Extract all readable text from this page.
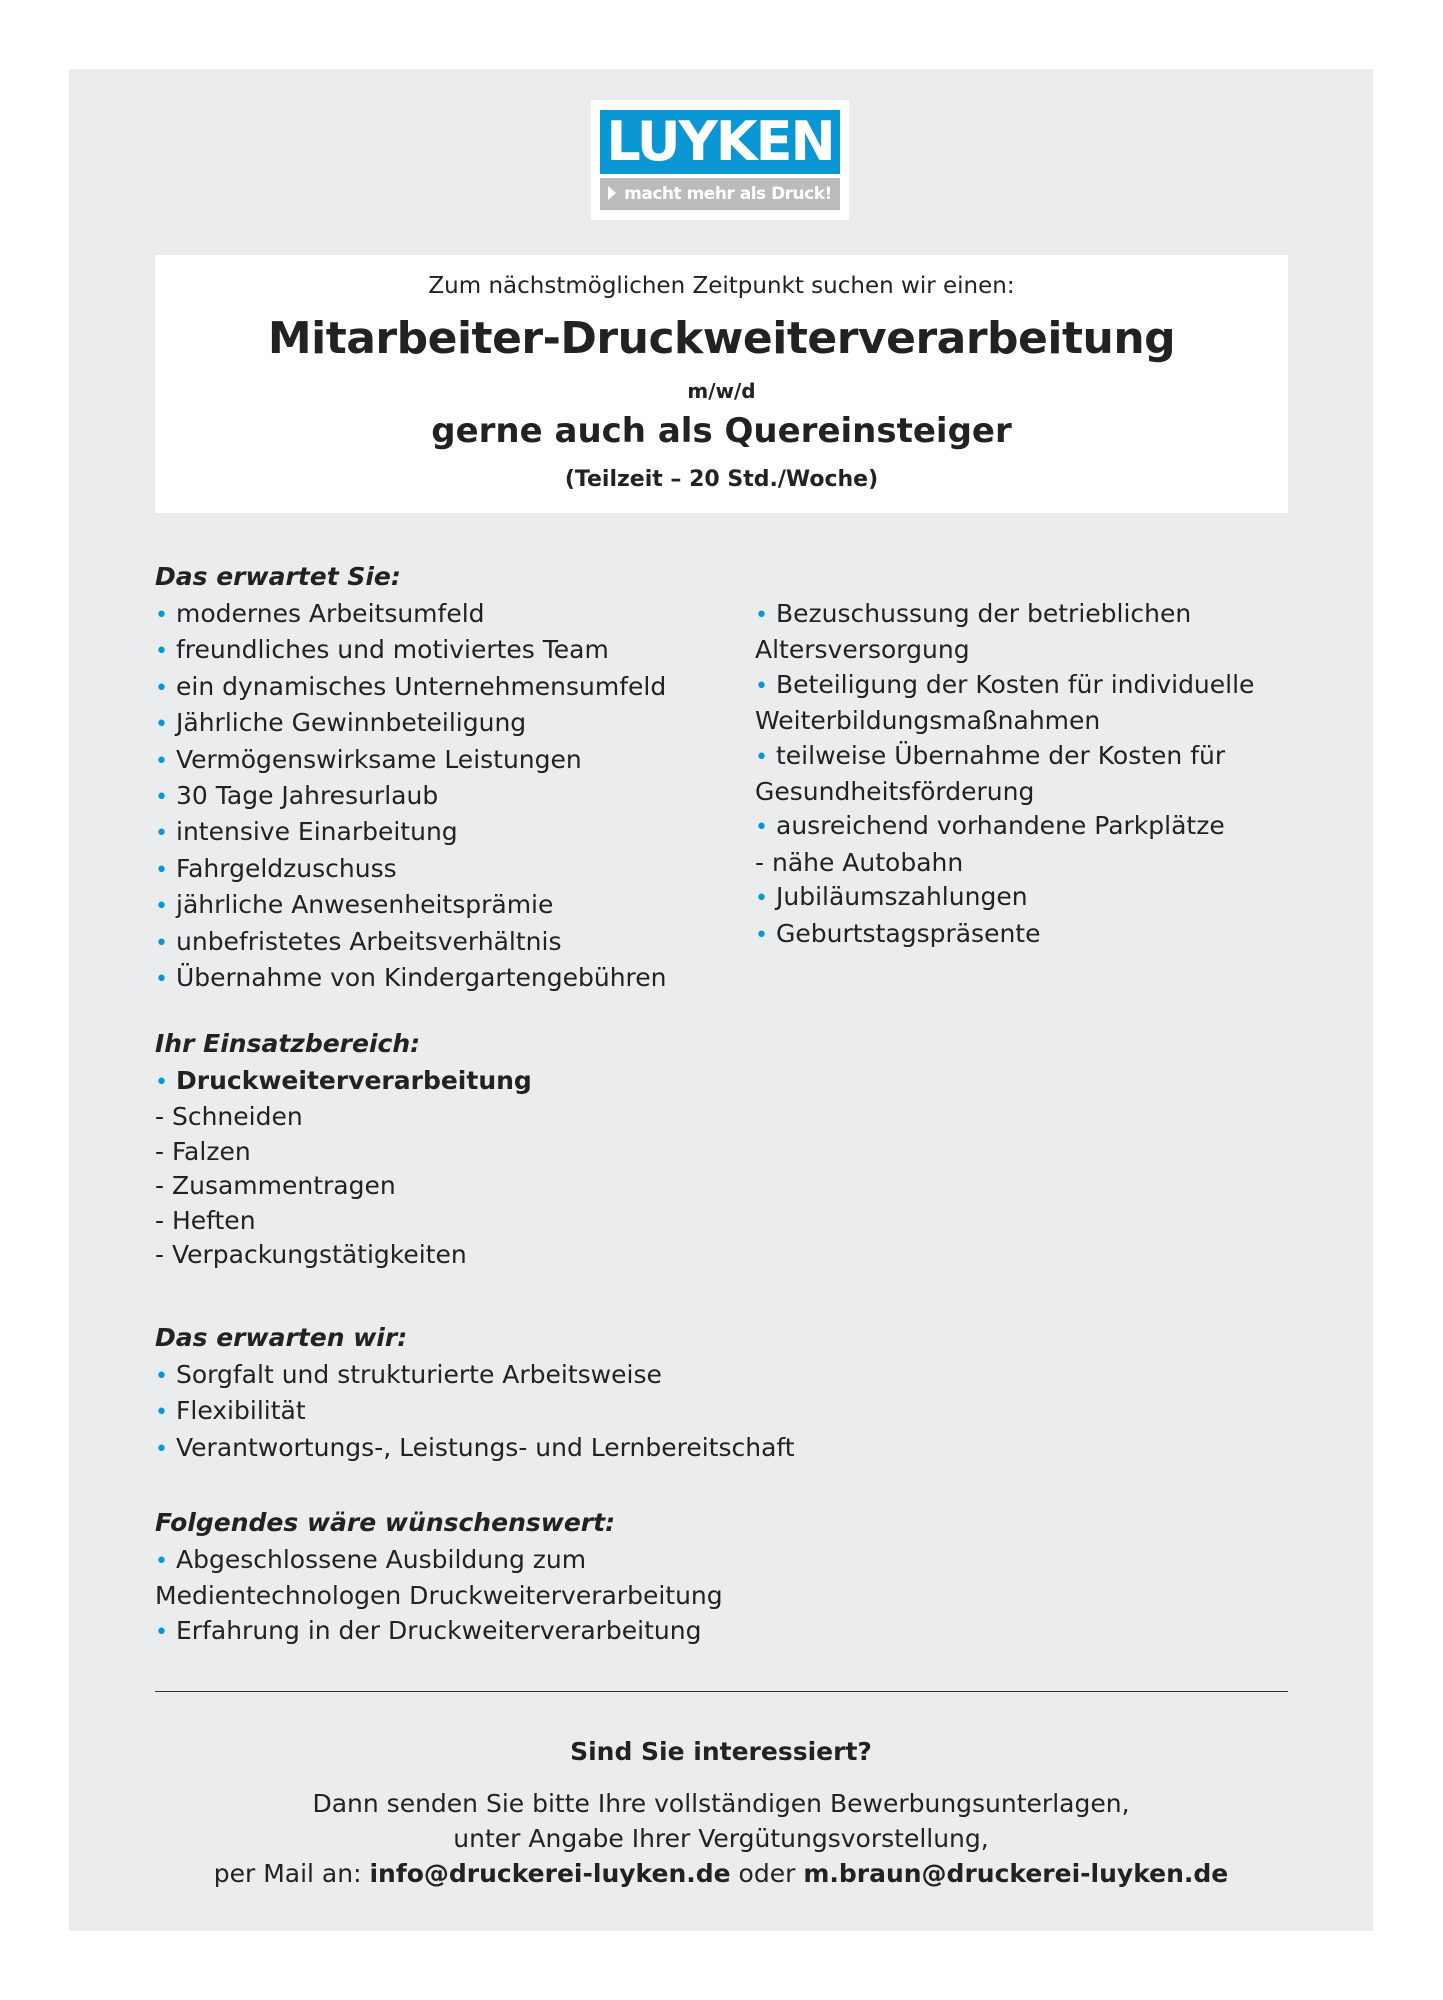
LUYKEN
macht mehr als Druck!
Zum nächstmöglichen Zeitpunkt suchen wir einen:
Mitarbeiter-Druckweiterverarbeitung
m/w/d
gerne auch als Quereinsteiger
(Teilzeit – 20 Std./Woche)
Das erwartet Sie:
• modernes Arbeitsumfeld
• freundliches und motiviertes Team
• ein dynamisches Unternehmensumfeld
• Jährliche Gewinnbeteiligung
• Vermögenswirksame Leistungen
• 30 Tage Jahresurlaub
• intensive Einarbeitung
• Fahrgeldzuschuss
• jährliche Anwesenheitsprämie
• unbefristetes Arbeitsverhältnis
• Übernahme von Kindergartengebühren
• Bezuschussung der betrieblichen
Altersversorgung
• Beteiligung der Kosten für individuelle
Weiterbildungsmaßnahmen
• teilweise Übernahme der Kosten für
Gesundheitsförderung
• ausreichend vorhandene Parkplätze
- nähe Autobahn
• Jubiläumszahlungen
• Geburtstagspräsente
Ihr Einsatzbereich:
• Druckweiterverarbeitung
- Schneiden
- Falzen
- Zusammentragen
- Heften
- Verpackungstätigkeiten
Das erwarten wir:
• Sorgfalt und strukturierte Arbeitsweise
• Flexibilität
• Verantwortungs-, Leistungs- und Lernbereitschaft
Folgendes wäre wünschenswert:
• Abgeschlossene Ausbildung zum
Medientechnologen Druckweiterverarbeitung
• Erfahrung in der Druckweiterverarbeitung
Sind Sie interessiert?
Dann senden Sie bitte Ihre vollständigen Bewerbungsunterlagen,
unter Angabe Ihrer Vergütungsvorstellung,
per Mail an: info@druckerei-luyken.de oder m.braun@druckerei-luyken.de
